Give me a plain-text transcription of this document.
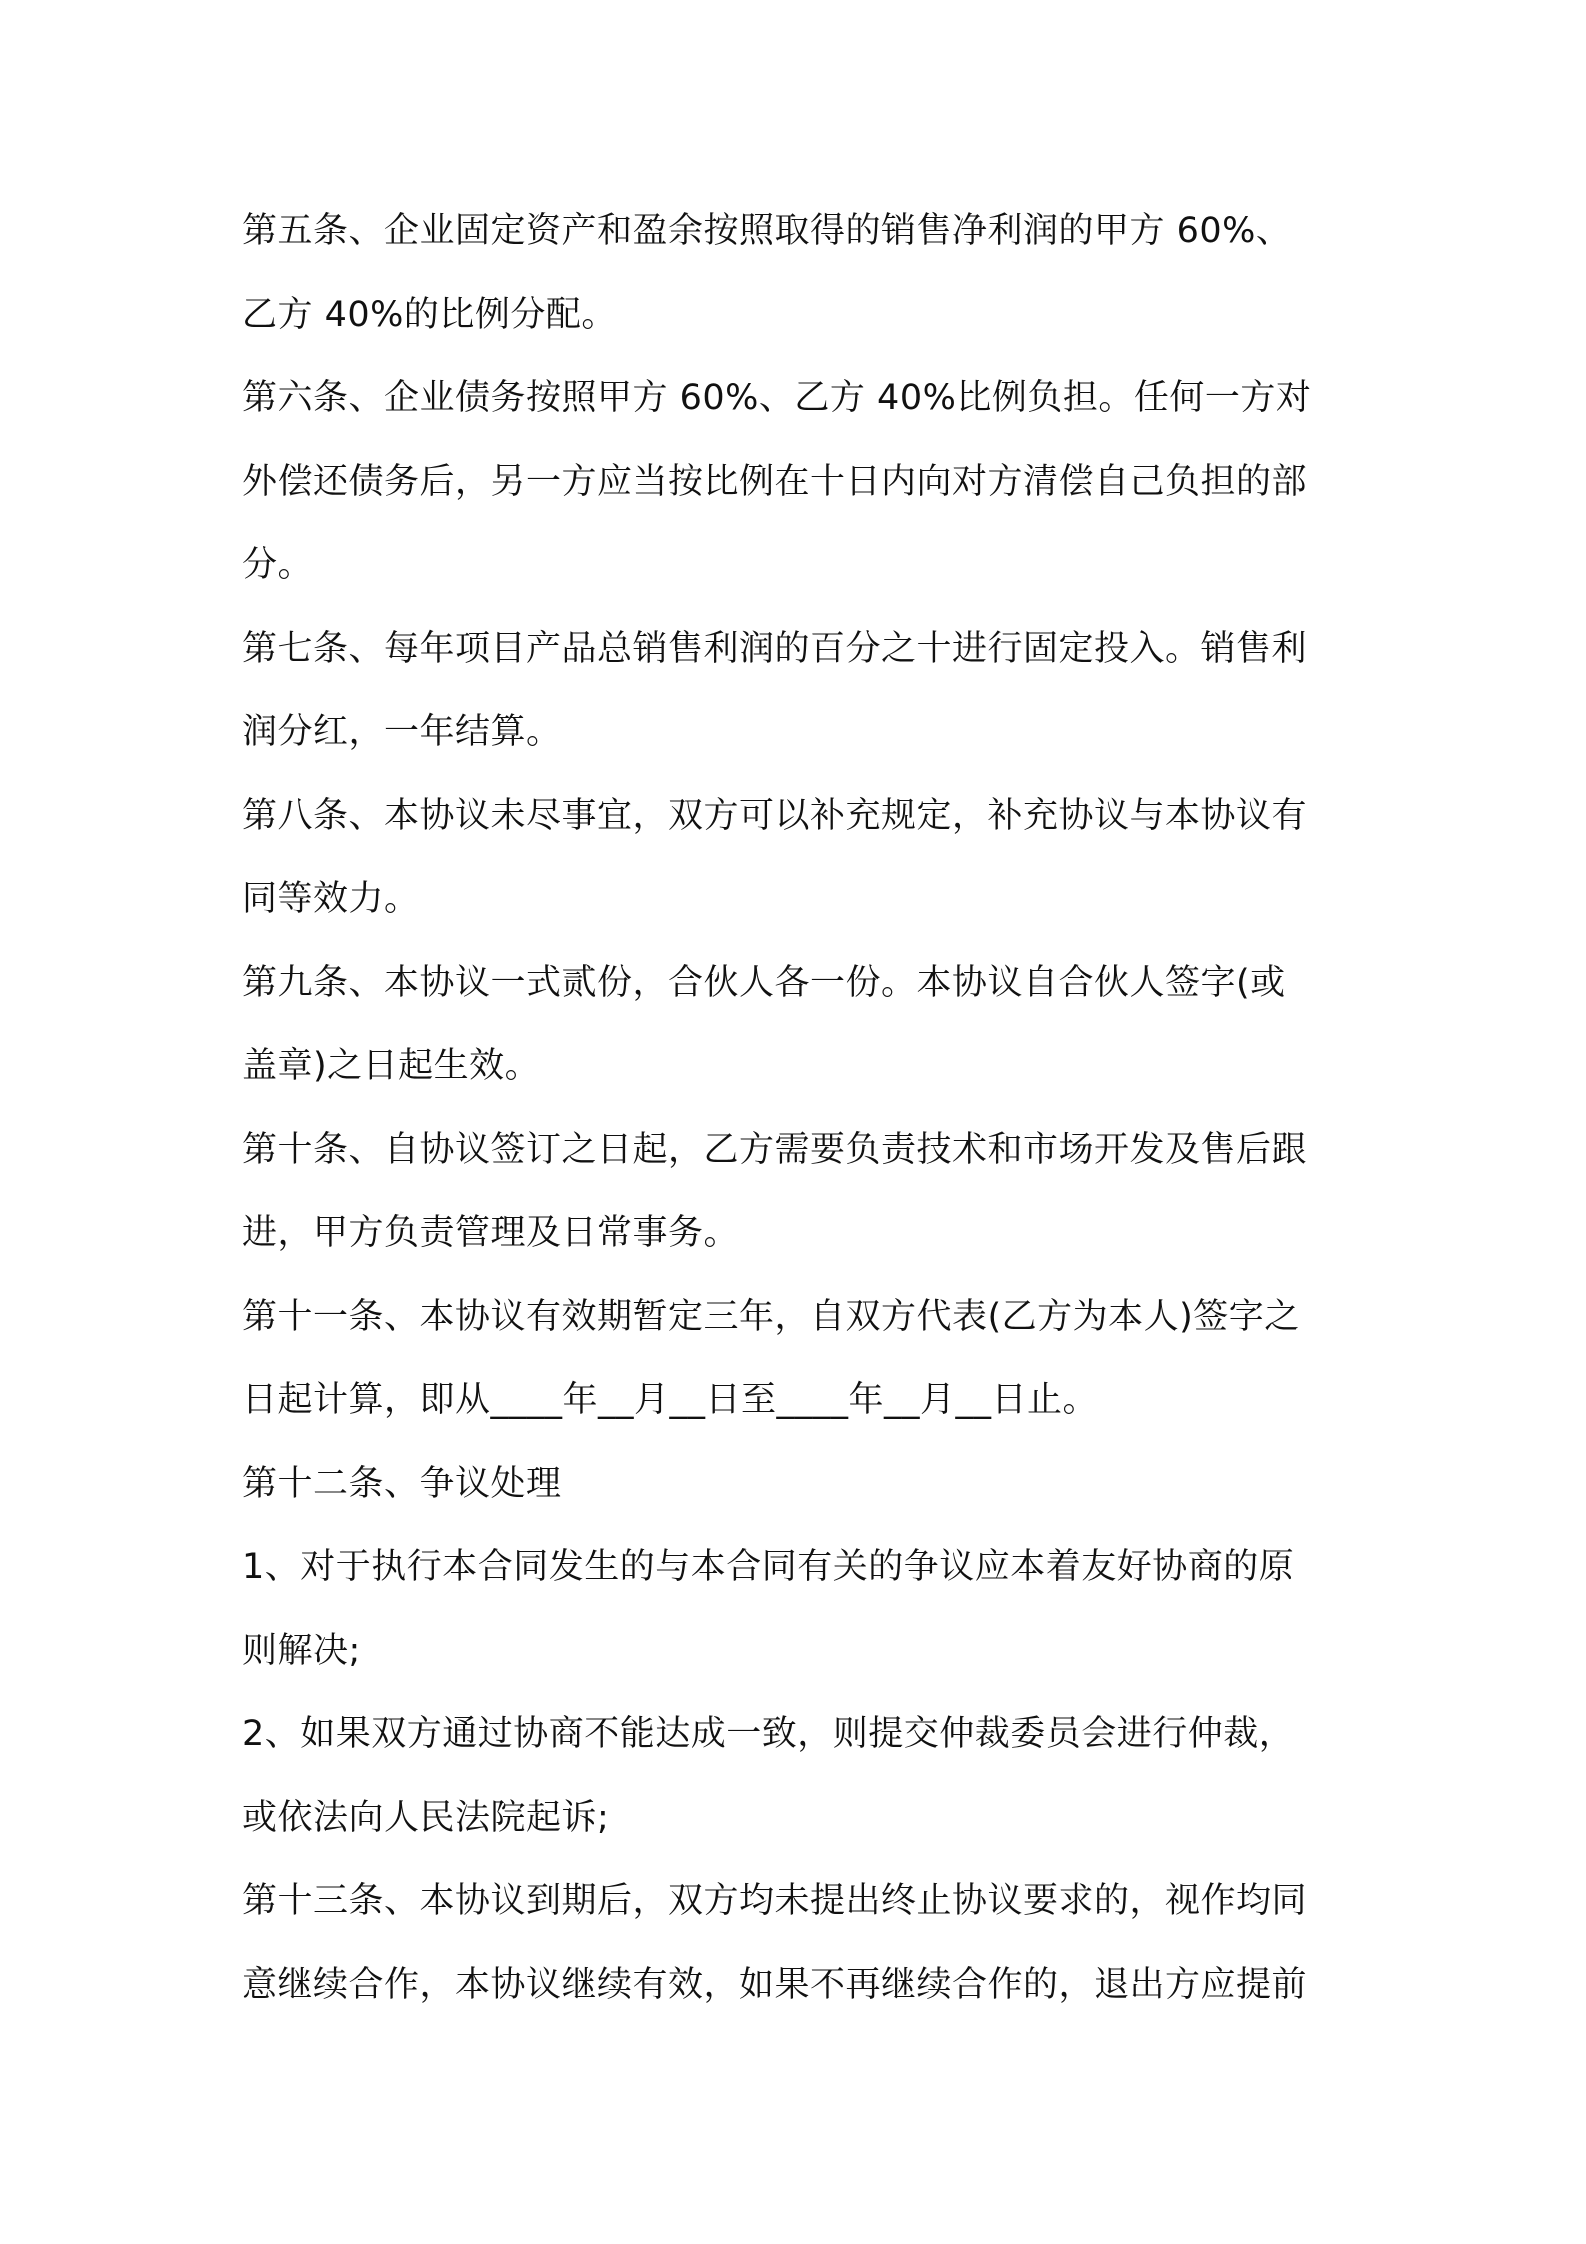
第五条、企业固定资产和盈余按照取得的销售净利润的甲方 60%、
乙方 40%的比例分配。

第六条、企业债务按照甲方 60%、乙方 40%比例负担。任何一方对
外偿还债务后，另一方应当按比例在十日内向对方清偿自己负担的部
分。

第七条、每年项目产品总销售利润的百分之十进行固定投入。销售利
润分红，一年结算。

第八条、本协议未尽事宜，双方可以补充规定，补充协议与本协议有
同等效力。

第九条、本协议一式贰份，合伙人各一份。本协议自合伙人签字(或
盖章)之日起生效。

第十条、自协议签订之日起，乙方需要负责技术和市场开发及售后跟
进，甲方负责管理及日常事务。

第十一条、本协议有效期暂定三年，自双方代表(乙方为本人)签字之
日起计算，即从____年__月__日至____年__月__日止。

第十二条、争议处理

1、对于执行本合同发生的与本合同有关的争议应本着友好协商的原
则解决;

2、如果双方通过协商不能达成一致，则提交仲裁委员会进行仲裁，
或依法向人民法院起诉;

第十三条、本协议到期后，双方均未提出终止协议要求的，视作均同
意继续合作，本协议继续有效，如果不再继续合作的，退出方应提前
